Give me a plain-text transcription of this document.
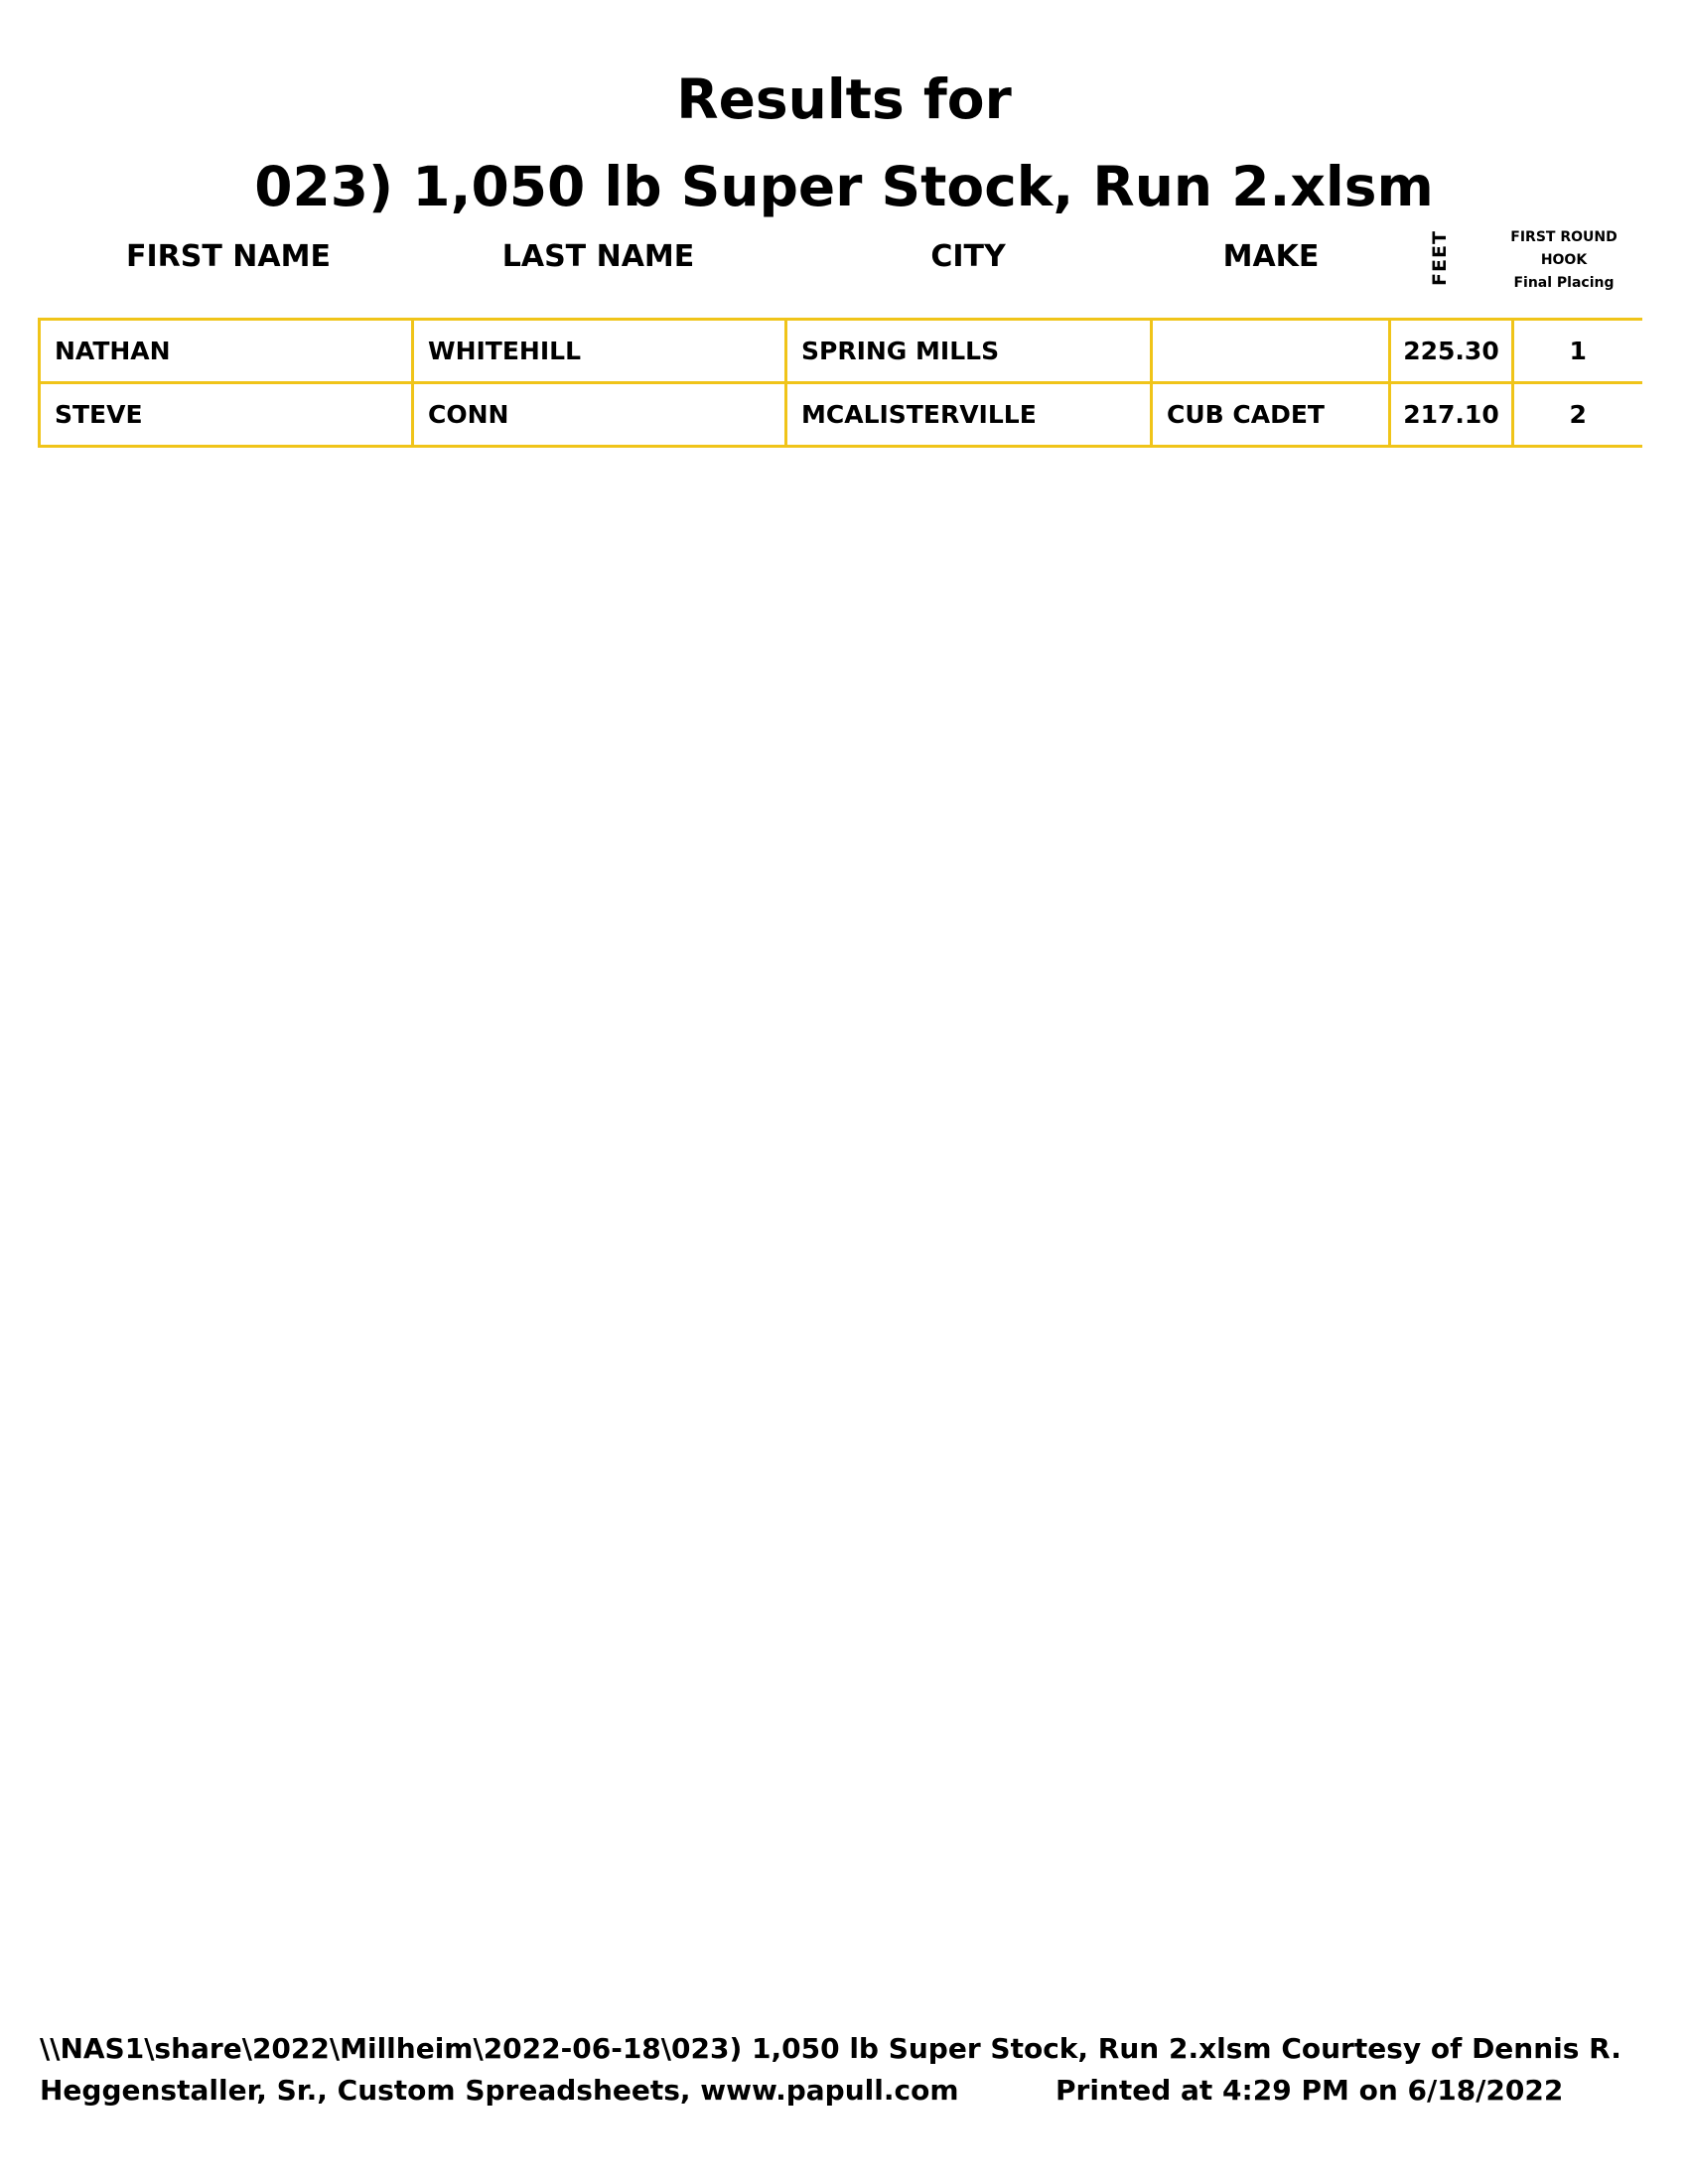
Results for
023) 1,050 lb Super Stock, Run 2.xlsm
FIRST NAME	LAST NAME	CITY	MAKE	FEET	FIRST ROUND
HOOK
Final Placing
NATHAN	WHITEHILL	SPRING MILLS		225.30	1
STEVE	CONN	MCALISTERVILLE	CUB CADET	217.10	2
\\NAS1\share\2022\Millheim\2022-06-18\023) 1,050 lb Super Stock, Run 2.xlsm Courtesy of Dennis R.
Heggenstaller, Sr., Custom Spreadsheets, www.papull.com	Printed at 4:29 PM on 6/18/2022
